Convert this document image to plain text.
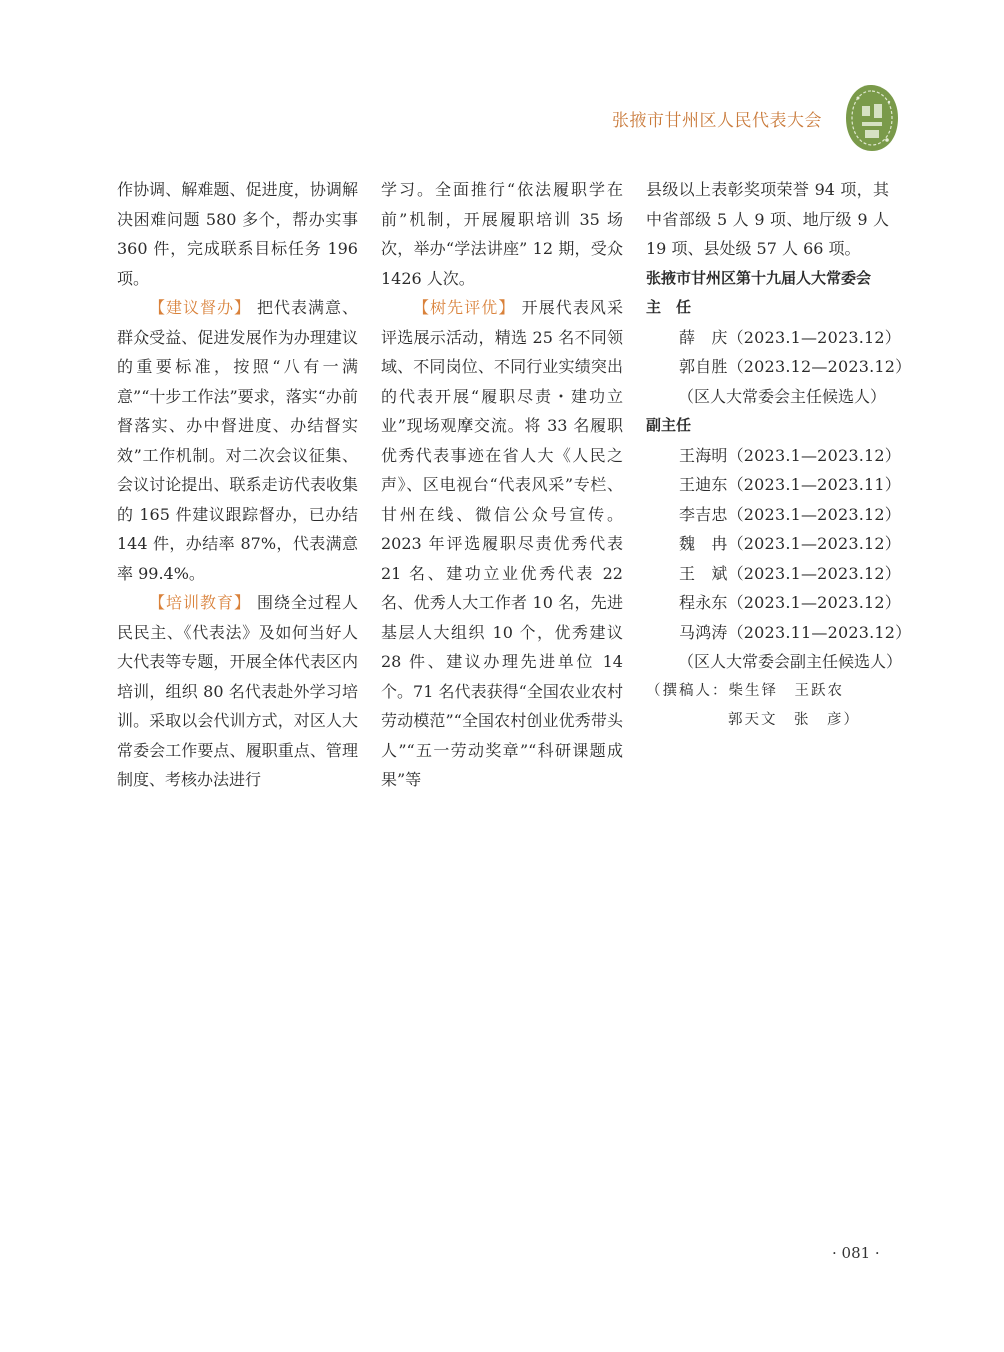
张掖市甘州区人民代表大会

作协调、解难题、促进度，协调解决困难问题 580 多个，帮办实事 360 件，完成联系目标任务 196 项。

【建议督办】 把代表满意、群众受益、促进发展作为办理建议的重要标准，按照“八有一满意”“十步工作法”要求，落实“办前督落实、办中督进度、办结督实效”工作机制。对二次会议征集、会议讨论提出、联系走访代表收集的 165 件建议跟踪督办，已办结 144 件，办结率 87%，代表满意率 99.4%。

【培训教育】 围绕全过程人民民主、《代表法》及如何当好人大代表等专题，开展全体代表区内培训，组织 80 名代表赴外学习培训。采取以会代训方式，对区人大常委会工作要点、履职重点、管理制度、考核办法进行

学习。全面推行“依法履职学在前”机制，开展履职培训 35 场次，举办“学法讲座” 12 期，受众 1426 人次。

【树先评优】 开展代表风采评选展示活动，精选 25 名不同领域、不同岗位、不同行业实绩突出的代表开展“履职尽责・建功立业”现场观摩交流。将 33 名履职优秀代表事迹在省人大《人民之声》、区电视台“代表风采”专栏、甘州在线、微信公众号宣传。2023 年评选履职尽责优秀代表 21 名、建功立业优秀代表 22 名、优秀人大工作者 10 名，先进基层人大组织 10 个，优秀建议 28 件、建议办理先进单位 14 个。71 名代表获得“全国农业农村劳动模范”“全国农村创业优秀带头人”“五一劳动奖章”“科研课题成果”等

县级以上表彰奖项荣誉 94 项，其中省部级 5 人 9 项、地厅级 9 人 19 项、县处级 57 人 66 项。

张掖市甘州区第十九届人大常委会

主　任

薛　庆（2023.1—2023.12）

郭自胜（2023.12—2023.12）

（区人大常委会主任候选人）

副主任

王海明（2023.1—2023.12）

王迪东（2023.1—2023.11）

李吉忠（2023.1—2023.12）

魏　冉（2023.1—2023.12）

王　斌（2023.1—2023.12）

程永东（2023.1—2023.12）

马鸿涛（2023.11—2023.12）

（区人大常委会副主任候选人）

（撰稿人：柴生铎　王跃农

郭天文　张　彦）

· 081 ·
